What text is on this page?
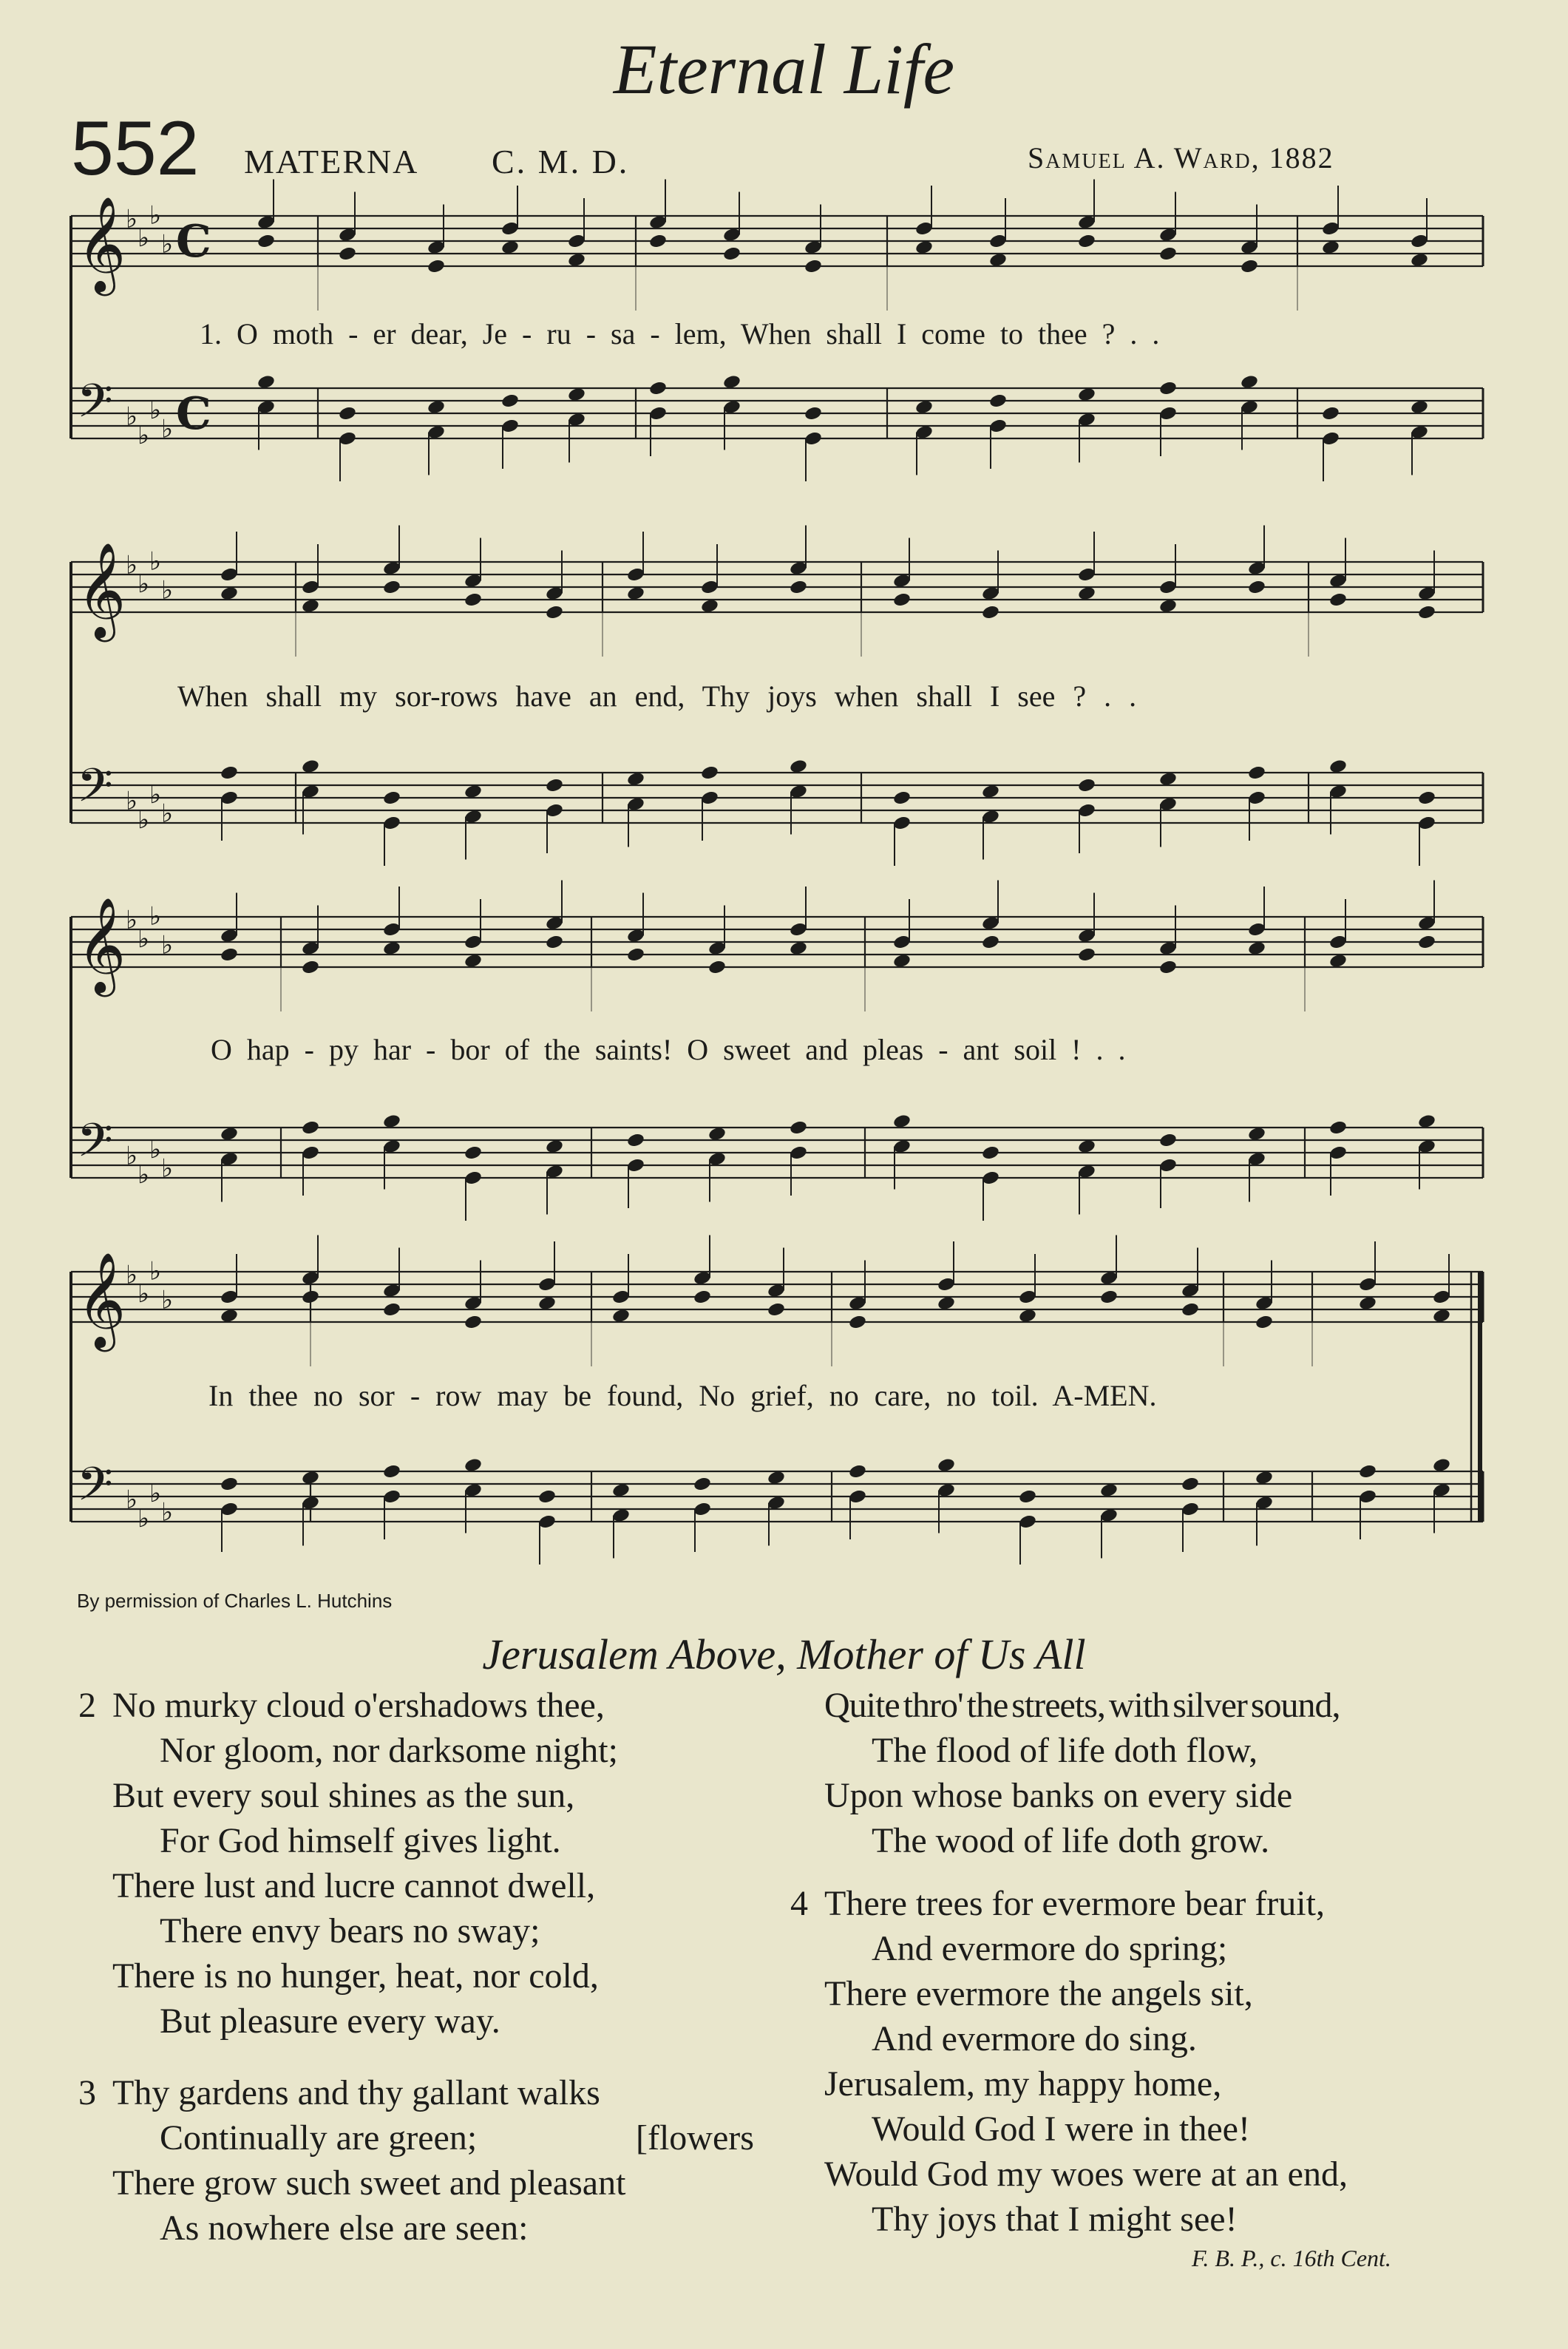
Eternal Life
552 MATERNA C. M. D.	Samuel A. Ward, 1882
𝄞 ♭
♭
♭
♭ C
𝄢 ♭
♭
♭
♭ C
𝄞 ♭
♭
♭
♭
𝄢 ♭
♭
♭
♭
𝄞 ♭
♭
♭
♭
𝄢 ♭
♭
♭
♭
𝄞 ♭
♭
♭
♭
𝄢 ♭
♭
♭
♭
1. O moth - er dear, Je - ru - sa - lem, When shall I come to thee ? . .
When shall my sor-rows have an end, Thy joys when shall I see ? . .
O hap - py har - bor of the saints! O sweet and pleas - ant soil ! . .
In thee no sor - row may be found, No grief, no care, no toil. A-MEN.
By permission of Charles L. Hutchins
Jerusalem Above, Mother of Us All
2 No murky cloud o'ershadows thee,
Nor gloom, nor darksome night;
But every soul shines as the sun,
For God himself gives light.
There lust and lucre cannot dwell,
There envy bears no sway;
There is no hunger, heat, nor cold,
But pleasure every way.
3 Thy gardens and thy gallant walks
Continually are green;
There grow such sweet and pleasant
As nowhere else are seen:
[flowers
Quite thro' the streets, with silver sound,
The flood of life doth flow,
Upon whose banks on every side
The wood of life doth grow.
4 There trees for evermore bear fruit,
And evermore do spring;
There evermore the angels sit,
And evermore do sing.
Jerusalem, my happy home,
Would God I were in thee!
Would God my woes were at an end,
Thy joys that I might see!
F. B. P., c. 16th Cent.
